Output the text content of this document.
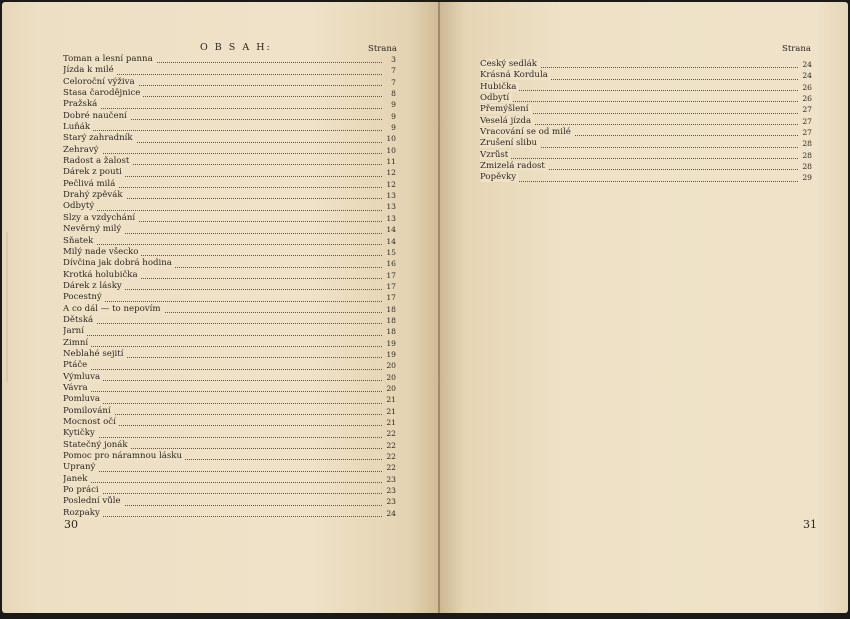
O B S A H:	Strana
Toman a lesní panna	3
Jízda k milé	7
Celoroční výživa	7
Stasa čarodějnice	8
Pražská	9
Dobré naučení	9
Luňák	9
Starý zahradník	10
Žehravý	10
Radost a žalost	11
Dárek z pouti	12
Pečlivá milá	12
Drahý zpěvák	13
Odbytý	13
Slzy a vzdychání	13
Nevěrný milý	14
Sňatek	14
Milý nade všecko	15
Dívčina jak dobrá hodina	16
Krotká holubička	17
Dárek z lásky	17
Pocestný	17
A co dál — to nepovím	18
Dětská	18
Jarní	18
Zimní	19
Neblahé sejití	19
Ptáče	20
Výmluva	20
Vávra	20
Pomluva	21
Pomilování	21
Mocnost očí	21
Kytičky	22
Statečný jonák	22
Pomoc pro náramnou lásku	22
Upraný	22
Janek	23
Po práci	23
Poslední vůle	23
Rozpaky	24
30
Strana
Český sedlák	24
Krásná Kordula	24
Hubička	26
Odbytí	26
Přemýšlení	27
Veselá jízda	27
Vracování se od milé	27
Zrušení slibu	28
Vzrůst	28
Zmizelá radost	28
Popěvky	29
31
